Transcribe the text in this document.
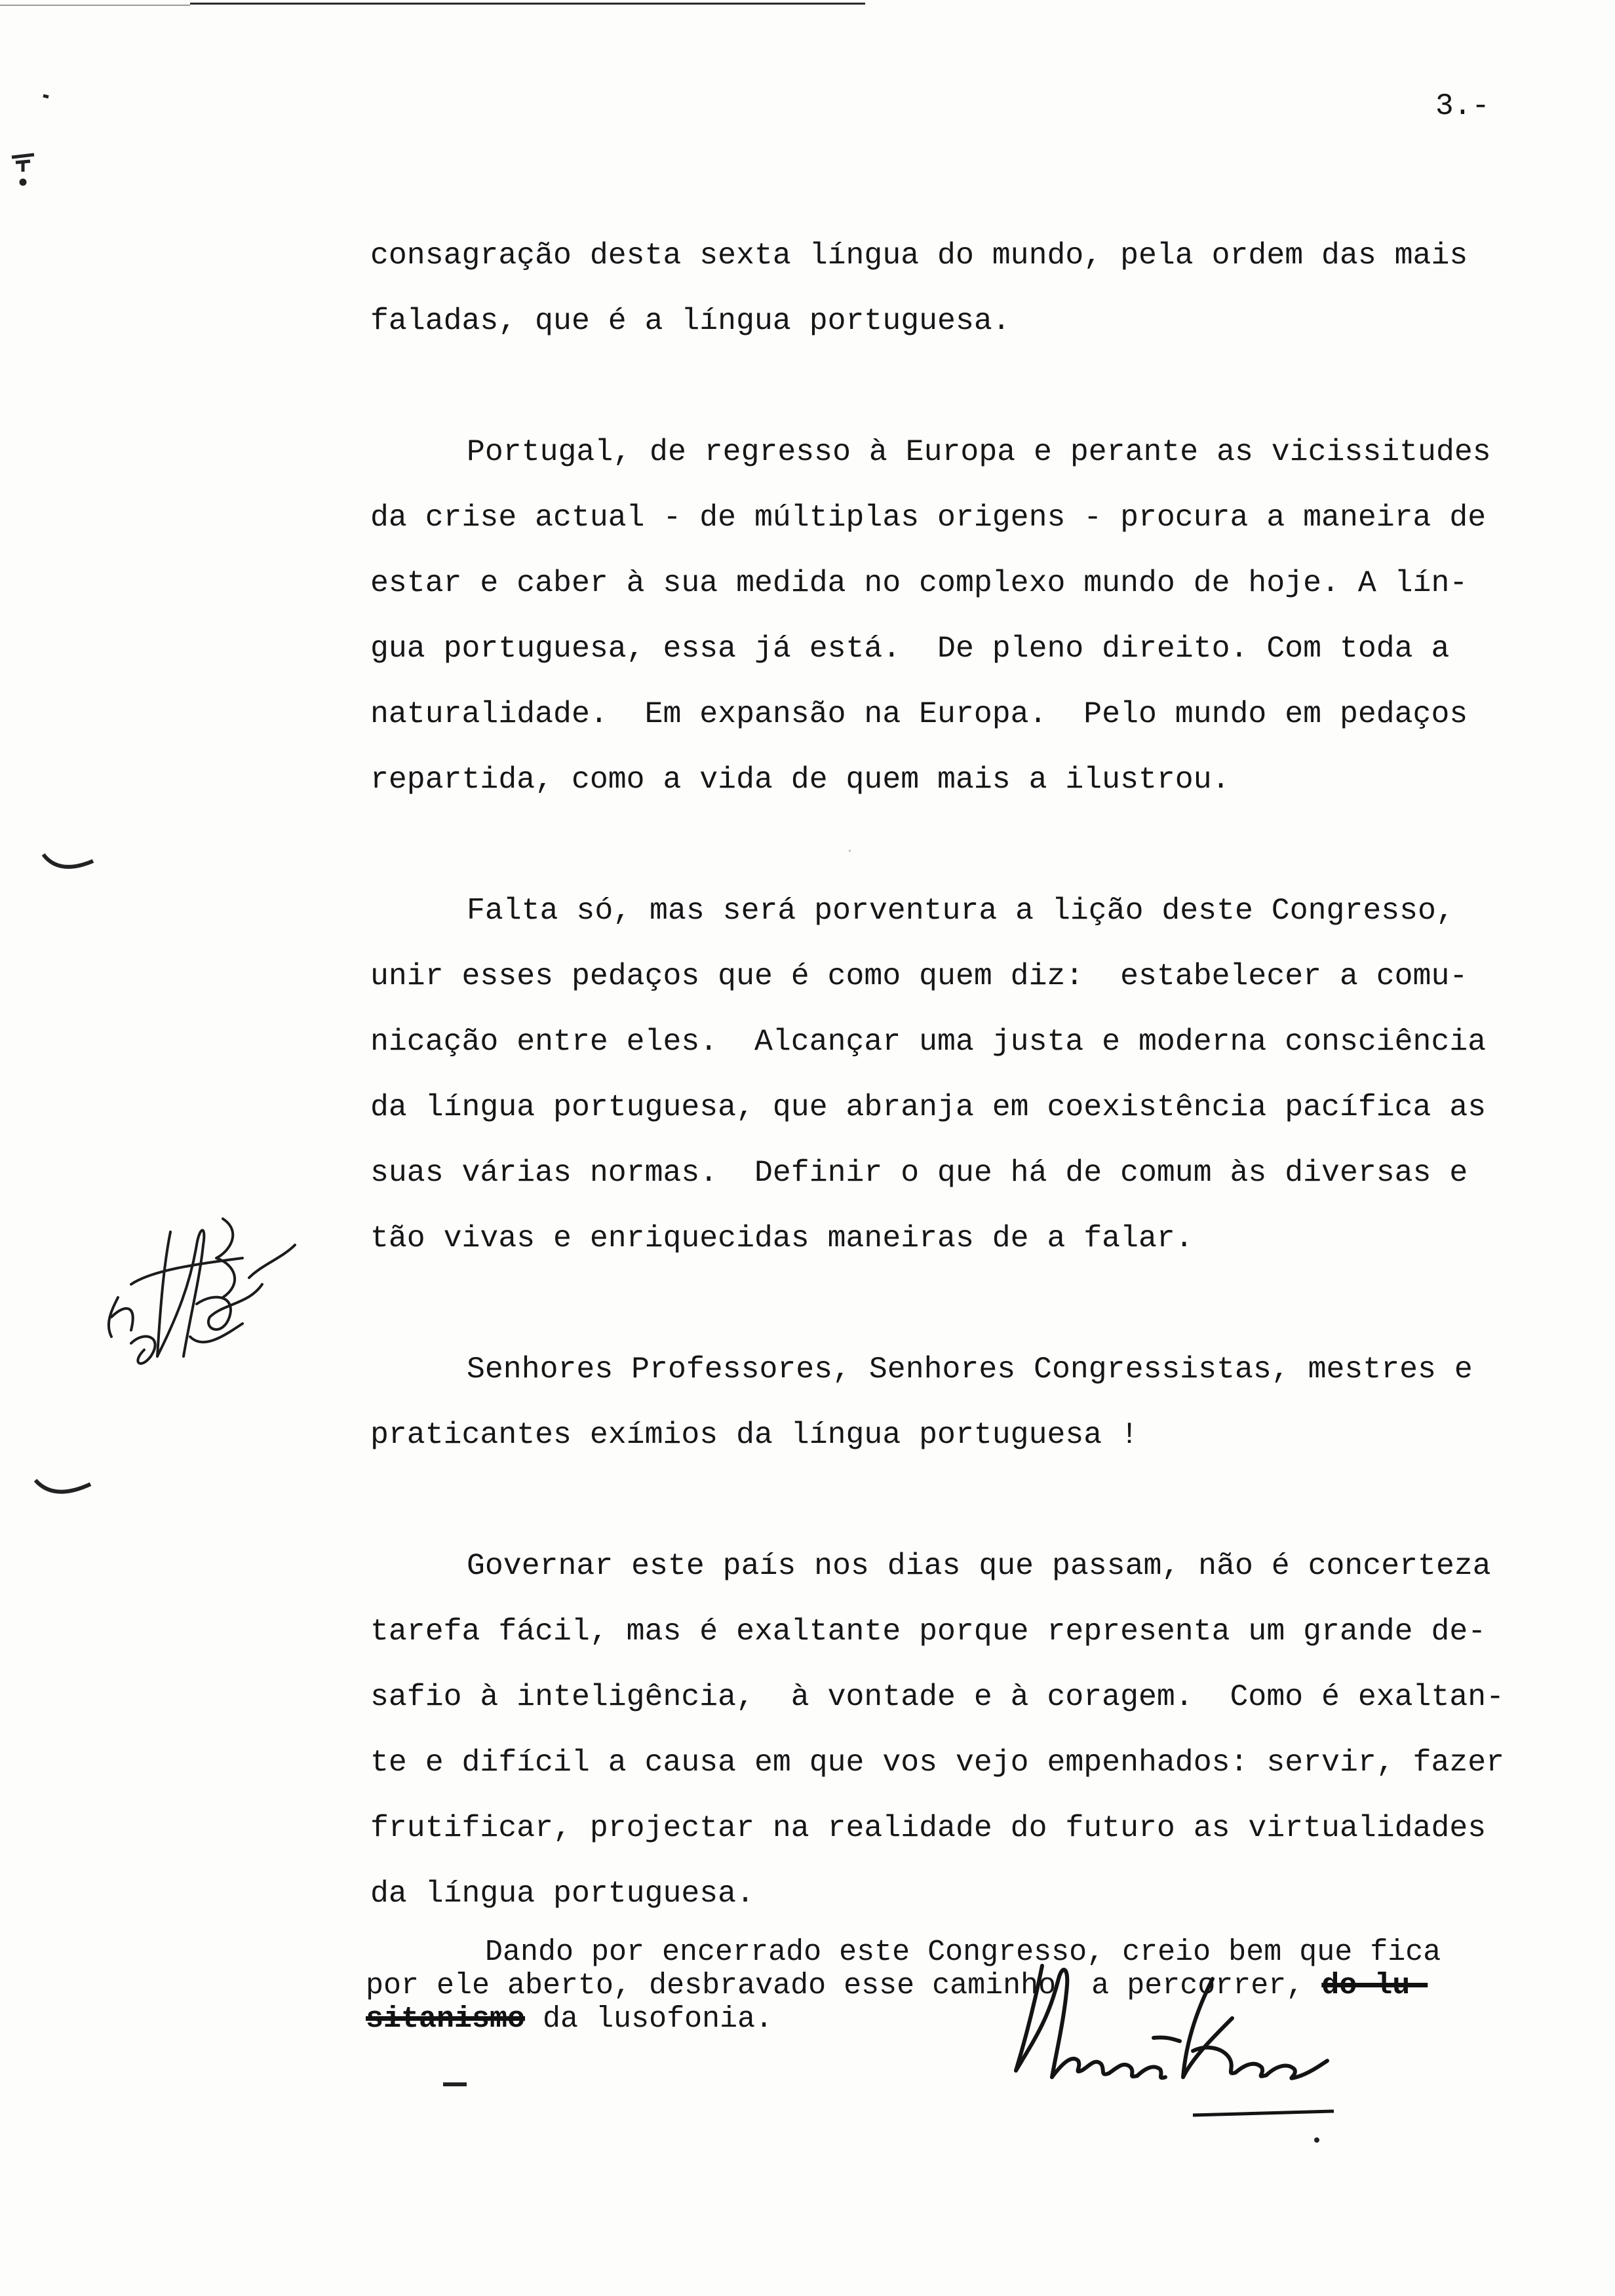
3.-
consagração desta sexta língua do mundo, pela ordem das mais
faladas, que é a língua portuguesa.
Portugal, de regresso à Europa e perante as vicissitudes
da crise actual - de múltiplas origens - procura a maneira de
estar e caber à sua medida no complexo mundo de hoje. A lín-
gua portuguesa, essa já está.  De pleno direito. Com toda a
naturalidade.  Em expansão na Europa.  Pelo mundo em pedaços
repartida, como a vida de quem mais a ilustrou.
Falta só, mas será porventura a lição deste Congresso,
unir esses pedaços que é como quem diz:  estabelecer a comu-
nicação entre eles.  Alcançar uma justa e moderna consciência
da língua portuguesa, que abranja em coexistência pacífica as
suas várias normas.  Definir o que há de comum às diversas e
tão vivas e enriquecidas maneiras de a falar.
Senhores Professores, Senhores Congressistas, mestres e
praticantes exímios da língua portuguesa !
Governar este país nos dias que passam, não é concerteza
tarefa fácil, mas é exaltante porque representa um grande de-
safio à inteligência,  à vontade e à coragem.  Como é exaltan-
te e difícil a causa em que vos vejo empenhados: servir, fazer
frutificar, projectar na realidade do futuro as virtualidades
da língua portuguesa.
Dando por encerrado este Congresso, creio bem que fica
por ele aberto, desbravado esse caminho  a percorrer, do lu-
sitanismo da lusofonia.
